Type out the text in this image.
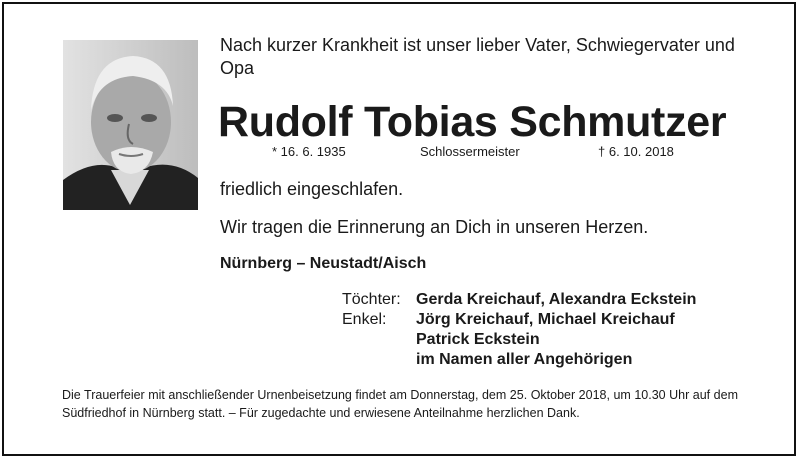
Nach kurzer Krankheit ist unser lieber Vater, Schwiegervater und Opa
Rudolf Tobias Schmutzer
* 16. 6. 1935	Schlossermeister	† 6. 10. 2018
friedlich eingeschlafen.
Wir tragen die Erinnerung an Dich in unseren Herzen.
Nürnberg – Neustadt/Aisch
Töchter:
Enkel:
Gerda Kreichauf, Alexandra Eckstein
Jörg Kreichauf, Michael Kreichauf
Patrick Eckstein
im Namen aller Angehörigen
Die Trauerfeier mit anschließender Urnenbeisetzung findet am Donnerstag, dem 25. Oktober 2018, um 10.30 Uhr auf dem Südfriedhof in Nürnberg statt. – Für zugedachte und erwiesene Anteilnahme herzlichen Dank.
